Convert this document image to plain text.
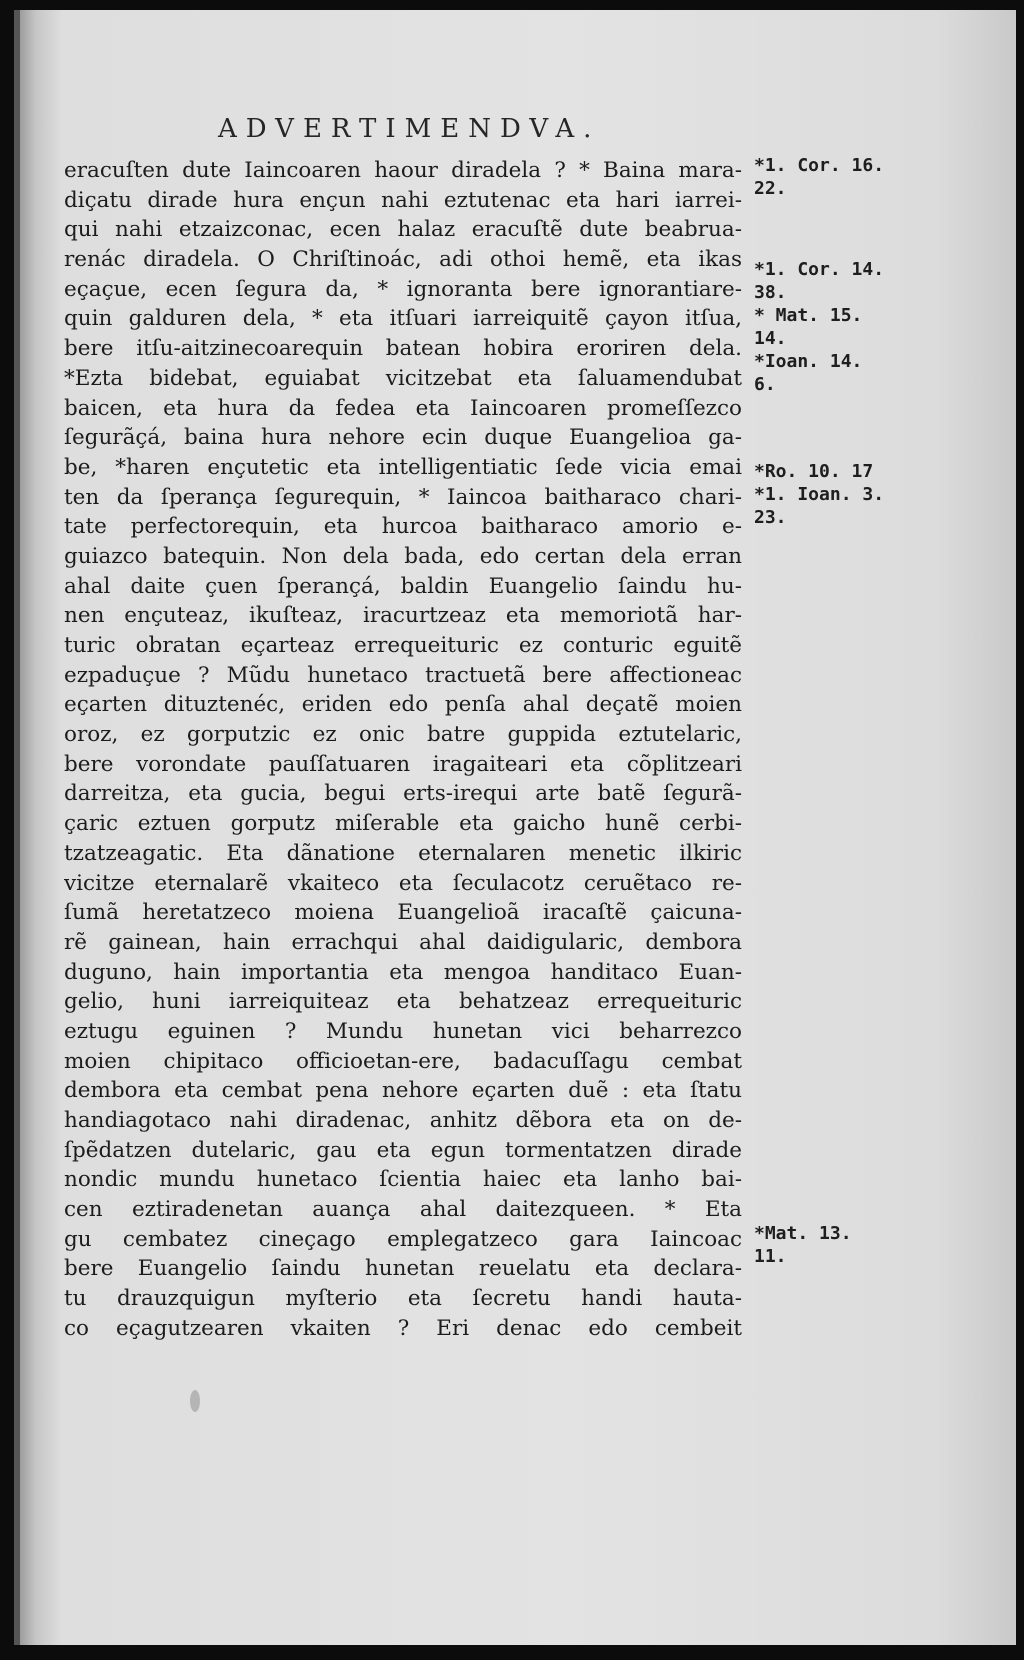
ADVERTIMENDVA.
eracuſten dute Iaincoaren haour diradela ? * Baina mara-
diçatu dirade hura ençun nahi eztutenac eta hari iarrei-
qui nahi etzaizconac, ecen halaz eracuſtẽ dute beabrua-
renác diradela. O Chriſtinoác, adi othoi hemẽ, eta ikas
eçaçue, ecen ſegura da, * ignoranta bere ignorantiare-
quin galduren dela, * eta itſuari iarreiquitẽ çayon itſua,
bere itſu-aitzinecoarequin batean hobira eroriren dela.
*Ezta bidebat, eguiabat vicitzebat eta ſaluamendubat
baicen, eta hura da fedea eta Iaincoaren promeſſezco
ſegurãçá, baina hura nehore ecin duque Euangelioa ga-
be, *haren ençutetic eta intelligentiatic ſede vicia emai
ten da ſperança ſegurequin, * Iaincoa baitharaco chari-
tate perfectorequin, eta hurcoa baitharaco amorio e-
guiazco batequin. Non dela bada, edo certan dela erran
ahal daite çuen ſperançá, baldin Euangelio ſaindu hu-
nen ençuteaz, ikuſteaz, iracurtzeaz eta memoriotã har-
turic obratan eçarteaz errequeituric ez conturic eguitẽ
ezpaduçue ? Mũdu hunetaco tractuetã bere affectioneac
eçarten dituztenéc, eriden edo penſa ahal deçatẽ moien
oroz, ez gorputzic ez onic batre guppida eztutelaric,
bere vorondate pauſſatuaren iragaiteari eta cõplitzeari
darreitza, eta gucia, begui erts-irequi arte batẽ ſegurã-
çaric eztuen gorputz miſerable eta gaicho hunẽ cerbi-
tzatzeagatic. Eta dãnatione eternalaren menetic ilkiric
vicitze eternalarẽ vkaiteco eta ſeculacotz ceruẽtaco re-
ſumã heretatzeco moiena Euangelioã iracaſtẽ çaicuna-
rẽ gainean, hain errachqui ahal daidigularic, dembora
duguno, hain importantia eta mengoa handitaco Euan-
gelio, huni iarreiquiteaz eta behatzeaz errequeituric
eztugu eguinen ? Mundu hunetan vici beharrezco
moien chipitaco officioetan-ere, badacuſſagu cembat
dembora eta cembat pena nehore eçarten duẽ : eta ſtatu
handiagotaco nahi diradenac, anhitz dẽbora eta on de-
ſpẽdatzen dutelaric, gau eta egun tormentatzen dirade
nondic mundu hunetaco ſcientia haiec eta lanho bai-
cen eztiradenetan auança ahal daitezqueen. * Eta
gu cembatez cineçago emplegatzeco gara Iaincoac
bere Euangelio ſaindu hunetan reuelatu eta declara-
tu drauzquigun myſterio eta ſecretu handi hauta-
co eçagutzearen vkaiten ? Eri denac edo cembeit
*1. Cor. 16.
22.
*1. Cor. 14.
38.
* Mat. 15.
14.
*Ioan. 14.
6.
*Ro. 10. 17
*1. Ioan. 3.
23.
*Mat. 13.
11.
